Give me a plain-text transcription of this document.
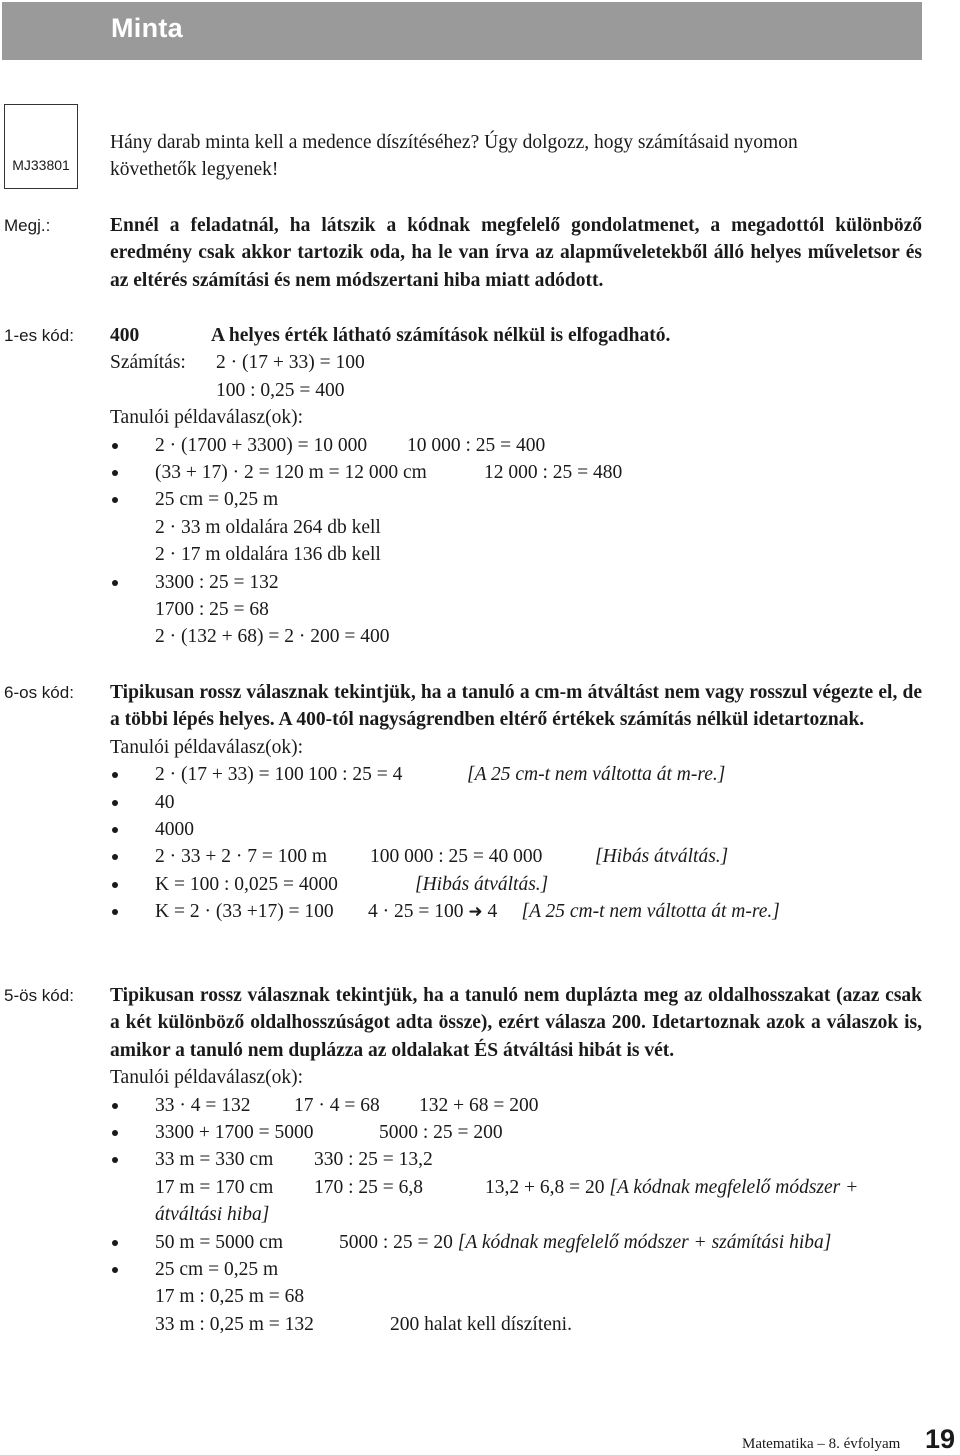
Minta
MJ33801

Hány darab minta kell a medence díszítéséhez? Úgy dolgozz, hogy számításaid nyomon

követhetők legyenek!

Megj.:	Ennél a feladatnál, ha látszik a kódnak megfelelő gondolatmenet, a megadottól különböző eredmény csak akkor tartozik oda, ha le van írva az alapműveletekből álló helyes műveletsor és az eltérés számítási és nem módszertani hiba miatt adódott.

1-es kód: 400	A helyes érték látható számítások nélkül is elfogadható.

Számítás: 2 · (17 + 33) = 100

100 : 0,25 = 400

Tanulói példaválasz(ok):

2 · (1700 + 3300) = 10 000 10 000 : 25 = 400
(33 + 17) · 2 = 120 m = 12 000 cm	12 000 : 25 = 480

25 cm = 0,25 m

2 · 33 m oldalára 264 db kell

2 · 17 m oldalára 136 db kell

3300 : 25 = 132

1700 : 25 = 68

2 · (132 + 68) = 2 · 200 = 400

6-os kód: Tipikusan rossz válasznak tekintjük, ha a tanuló a cm-m átváltást nem vagy rosszul végezte el, de a többi lépés helyes. A 400-tól nagyságrendben eltérő értékek számítás nélkül idetartoznak.

Tanulói példaválasz(ok):

2 · (17 + 33) = 100 100 : 25 = 4	[A 25 cm-t nem váltotta át m-re.]
40
4000
2 · 33 + 2 · 7 = 100 m 100 000 : 25 = 40 000	[Hibás átváltás.]
K = 100 : 0,025 = 4000	[Hibás átváltás.]
K = 2 · (33 +17) = 100 4 · 25 = 100 ➜ 4 [A 25 cm-t nem váltotta át m-re.]
5-ös kód: Tipikusan rossz válasznak tekintjük, ha a tanuló nem duplázta meg az oldalhosszakat (azaz csak a két különböző oldalhosszúságot adta össze), ezért válasza 200. Idetartoznak azok a válaszok is, amikor a tanuló nem duplázza az oldalakat ÉS átváltási hibát is vét.

Tanulói példaválasz(ok):

33 · 4 = 132 17 · 4 = 68 132 + 68 = 200
3300 + 1700 = 5000	5000 : 25 = 200

33 m = 330 cm 330 : 25 = 13,2

17 m = 170 cm 170 : 25 = 6,8	13,2 + 6,8 = 20 [A kódnak megfelelő módszer + átváltási hiba]

50 m = 5000 cm	5000 : 25 = 20 [A kódnak megfelelő módszer + számítási hiba]

25 cm = 0,25 m

17 m : 0,25 m = 68

33 m : 0,25 m = 132	200 halat kell díszíteni.

Matematika – 8. évfolyam 19
